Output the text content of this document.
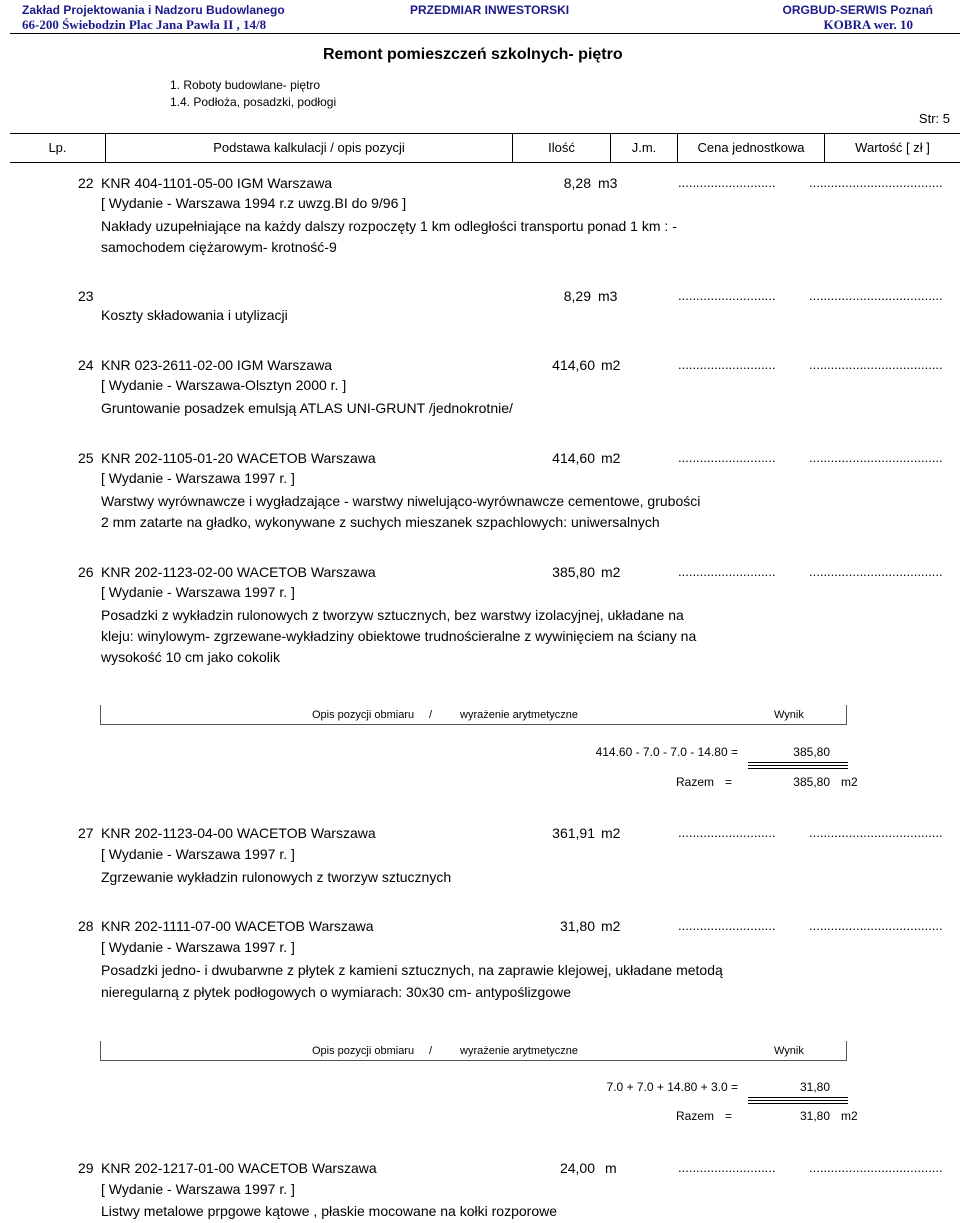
Zakład Projektowania i Nadzoru Budowlanego
66-200 Świebodzin Plac Jana Pawła II , 14/8
PRZEDMIAR INWESTORSKI	ORGBUD-SERWIS Poznań
KOBRA wer. 10
Remont pomieszczeń szkolnych- piętro
1. Roboty budowlane- piętro
1.4. Podłoża, posadzki, podłogi
Str: 5
Lp.	Podstawa kalkulacji / opis pozycji	Ilość	J.m.	Cena jednostkowa	Wartość [ zł ]
22 KNR 404-1101-05-00 IGM Warszawa	8,28 m3	...........................	.....................................
[ Wydanie - Warszawa 1994 r.z uwzg.BI do 9/96 ]
Nakłady uzupełniające na każdy dalszy rozpoczęty 1 km odległości transportu ponad 1 km : -
samochodem ciężarowym- krotność-9
23	8,29 m3	...........................	.....................................
Koszty składowania i utylizacji
24 KNR 023-2611-02-00 IGM Warszawa	414,60 m2	...........................	.....................................
[ Wydanie - Warszawa-Olsztyn 2000 r. ]
Gruntowanie posadzek emulsją ATLAS UNI-GRUNT /jednokrotnie/
25 KNR 202-1105-01-20 WACETOB Warszawa	414,60 m2	...........................	.....................................
[ Wydanie - Warszawa 1997 r. ]
Warstwy wyrównawcze i wygładzające - warstwy niwelująco-wyrównawcze cementowe, grubości
2 mm zatarte na gładko, wykonywane z suchych mieszanek szpachlowych: uniwersalnych
26 KNR 202-1123-02-00 WACETOB Warszawa	385,80 m2	...........................	.....................................
[ Wydanie - Warszawa 1997 r. ]
Posadzki z wykładzin rulonowych z tworzyw sztucznych, bez warstwy izolacyjnej, układane na
kleju: winylowym- zgrzewane-wykładziny obiektowe trudnościeralne z wywinięciem na ściany na
wysokość 10 cm jako cokolik
Opis pozycji obmiaru /	wyrażenie arytmetyczne	Wynik
414.60 - 7.0 - 7.0 - 14.80 =	385,80
Razem =	385,80 m2
27 KNR 202-1123-04-00 WACETOB Warszawa	361,91 m2	...........................	.....................................
[ Wydanie - Warszawa 1997 r. ]
Zgrzewanie wykładzin rulonowych z tworzyw sztucznych
28 KNR 202-1111-07-00 WACETOB Warszawa	31,80 m2	...........................	.....................................
[ Wydanie - Warszawa 1997 r. ]
Posadzki jedno- i dwubarwne z płytek z kamieni sztucznych, na zaprawie klejowej, układane metodą
nieregularną z płytek podłogowych o wymiarach: 30x30 cm- antypoślizgowe
Opis pozycji obmiaru /	wyrażenie arytmetyczne	Wynik
7.0 + 7.0 + 14.80 + 3.0 =	31,80
Razem =	31,80 m2
29 KNR 202-1217-01-00 WACETOB Warszawa	24,00 m	...........................	.....................................
[ Wydanie - Warszawa 1997 r. ]
Listwy metalowe prpgowe kątowe , płaskie mocowane na kołki rozporowe
